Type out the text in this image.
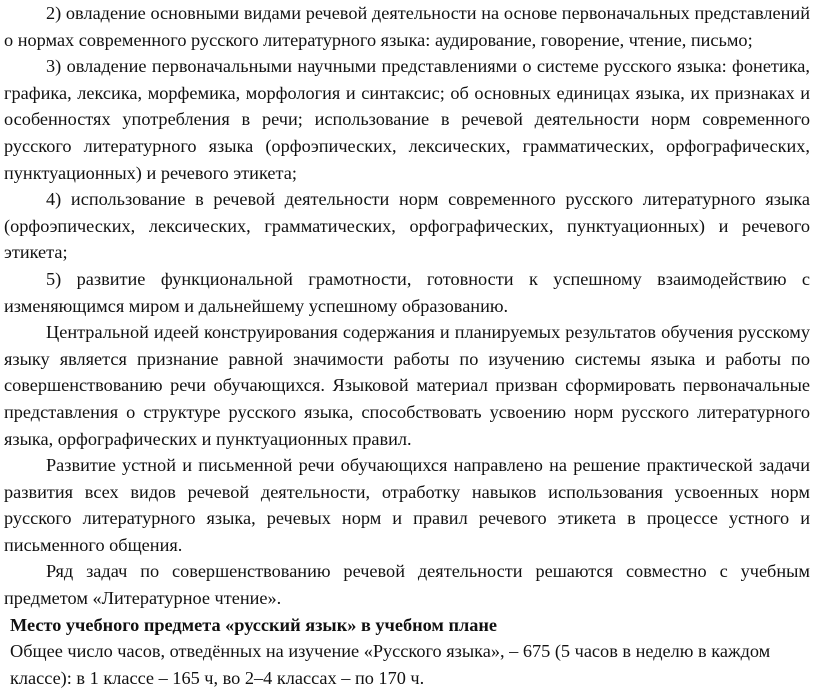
2) овладение основными видами речевой деятельности на основе первоначальных представлений о нормах современного русского литературного языка: аудирование, говорение, чтение, письмо;

3) овладение первоначальными научными представлениями о системе русского языка: фонетика, графика, лексика, морфемика, морфология и синтаксис; об основных единицах языка, их признаках и особенностях употребления в речи; использование в речевой деятельности норм современного русского литературного языка (орфоэпических, лексических, грамматических, орфографических, пунктуационных) и речевого этикета;

4) использование в речевой деятельности норм современного русского литературного языка (орфоэпических, лексических, грамматических, орфографических, пунктуационных) и речевого этикета;

5) развитие функциональной грамотности, готовности к успешному взаимодействию с изменяющимся миром и дальнейшему успешному образованию.

Центральной идеей конструирования содержания и планируемых результатов обучения русскому языку является признание равной значимости работы по изучению системы языка и работы по совершенствованию речи обучающихся. Языковой материал призван сформировать первоначальные представления о структуре русского языка, способствовать усвоению норм русского литературного языка, орфографических и пунктуационных правил.

Развитие устной и письменной речи обучающихся направлено на решение практической задачи развития всех видов речевой деятельности, отработку навыков использования усвоенных норм русского литературного языка, речевых норм и правил речевого этикета в процессе устного и письменного общения.

Ряд задач по совершенствованию речевой деятельности решаются совместно с учебным предметом «Литературное чтение».

Место учебного предмета «русский язык» в учебном плане

Общее число часов, отведённых на изучение «Русского языка», – 675 (5 часов в неделю в каждом классе): в 1 классе – 165 ч, во 2–4 классах – по 170 ч.
